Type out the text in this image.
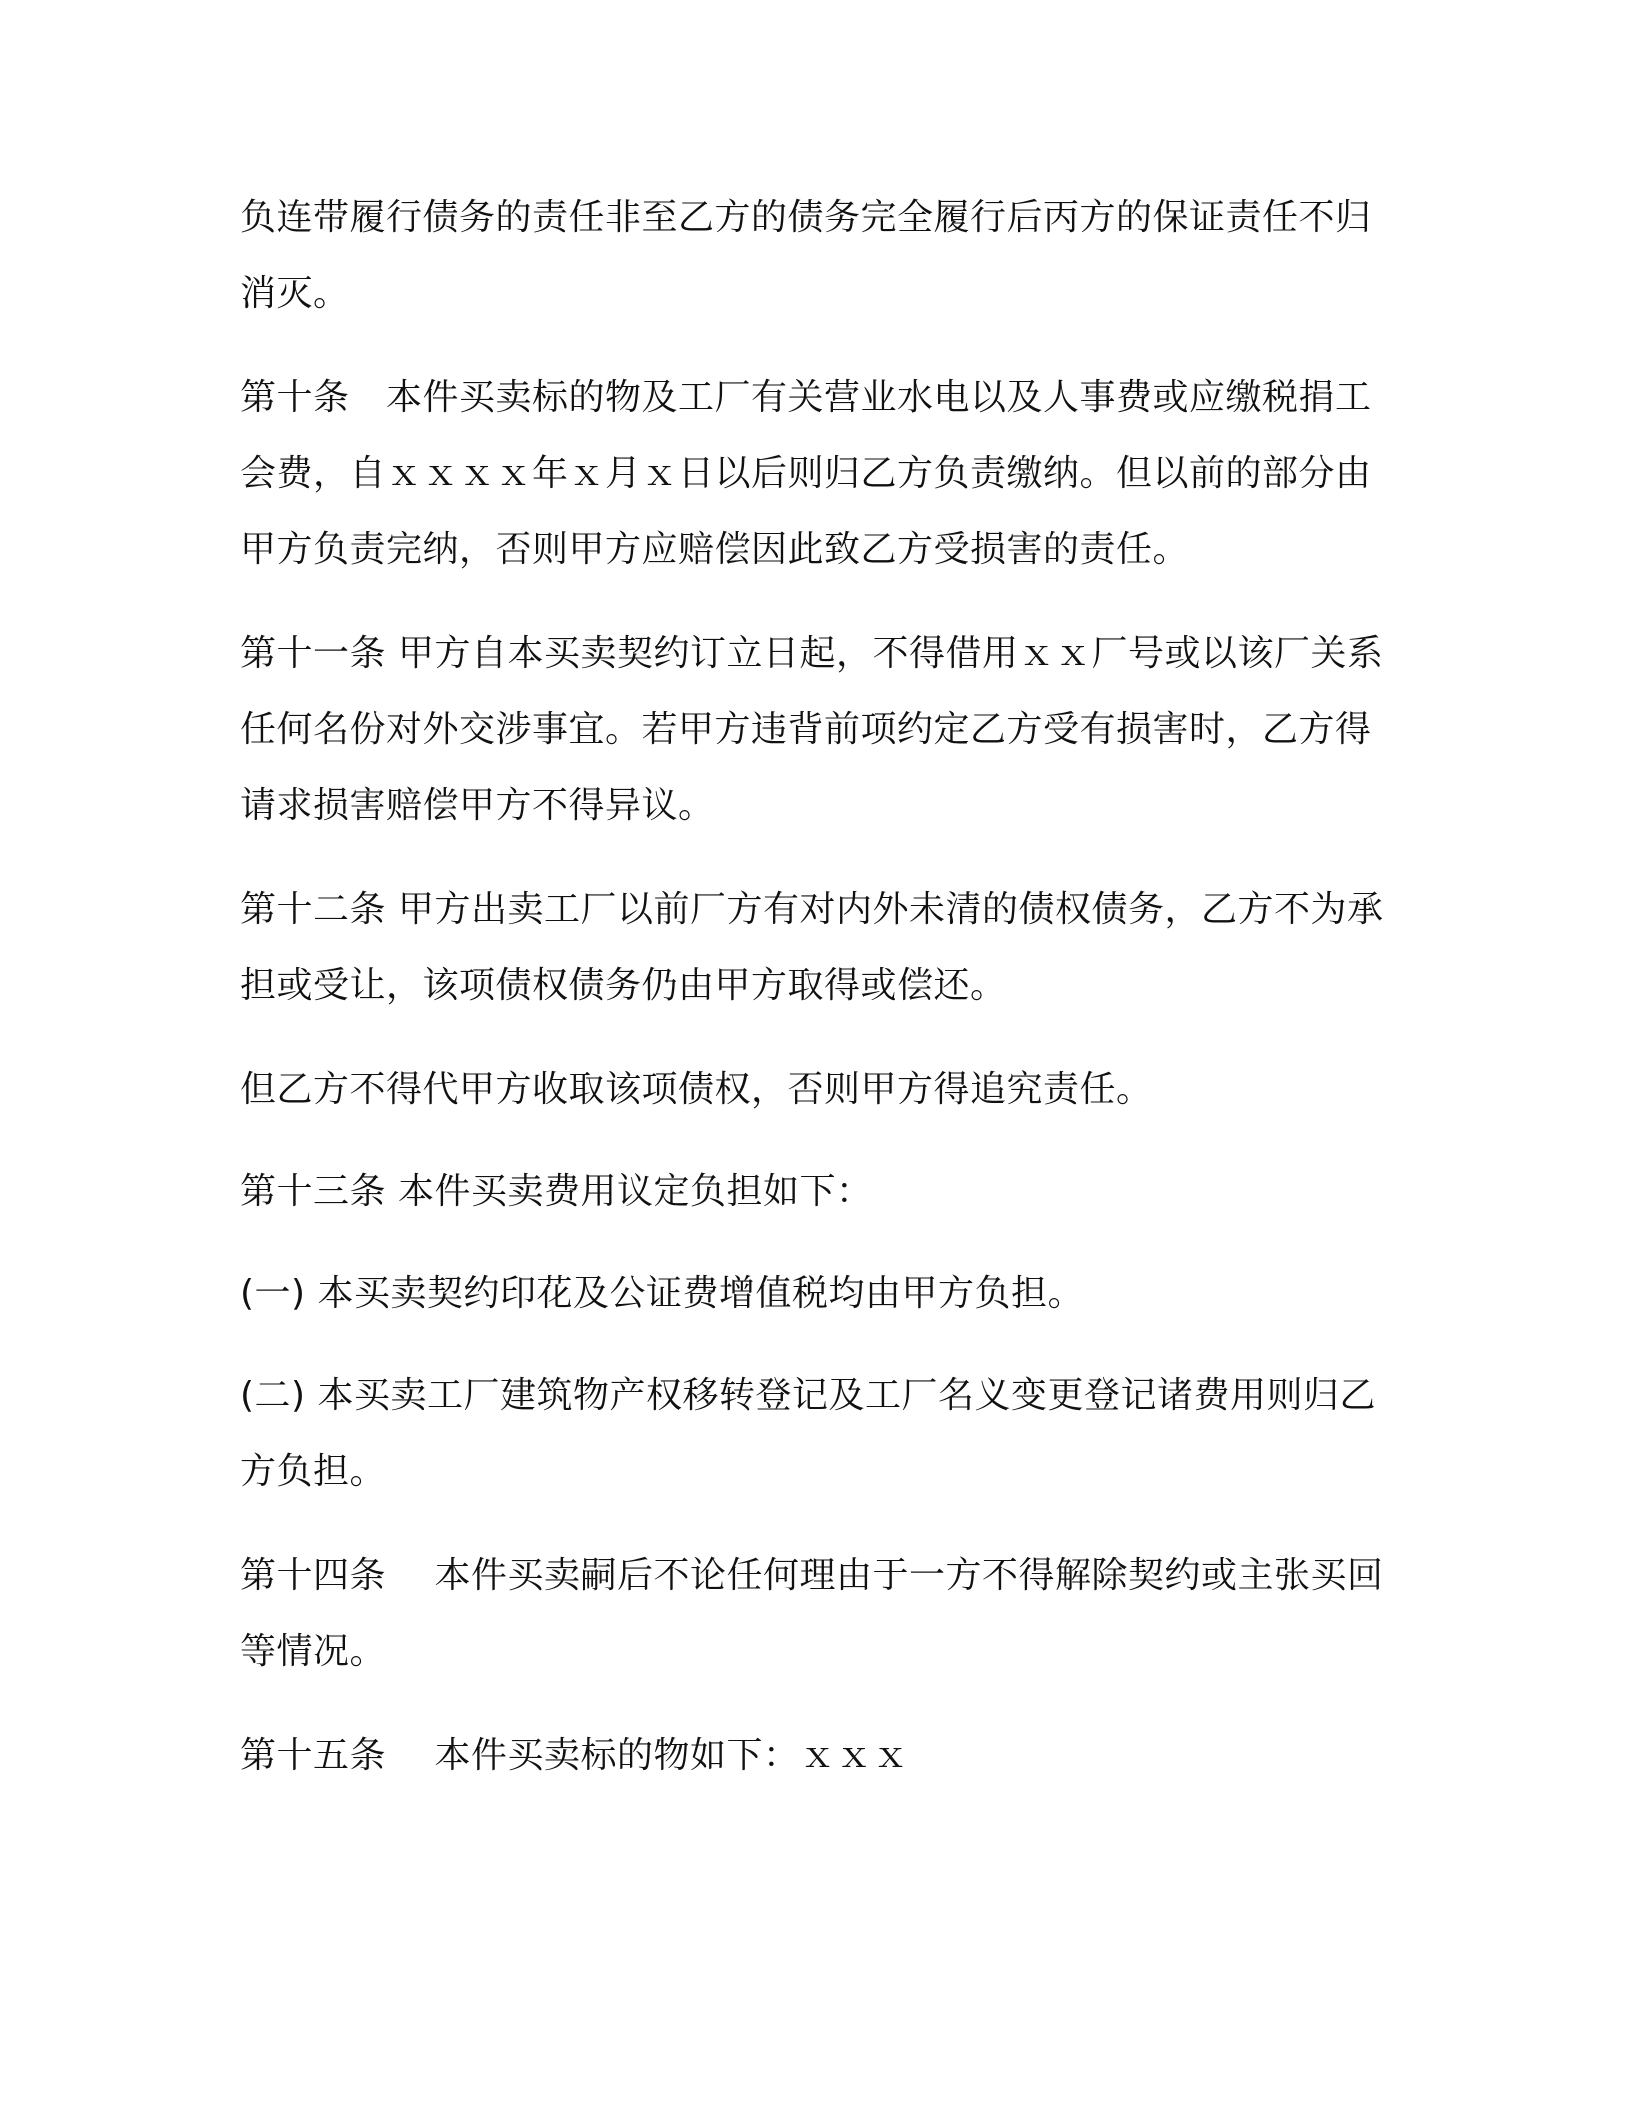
负连带履行债务的责任非至乙方的债务完全履行后丙方的保证责任不归消灭。

第十条　本件买卖标的物及工厂有关营业水电以及人事费或应缴税捐工会费，自ｘｘｘｘ年ｘ月ｘ日以后则归乙方负责缴纳。但以前的部分由甲方负责完纳，否则甲方应赔偿因此致乙方受损害的责任。

第十一条 甲方自本买卖契约订立日起，不得借用ｘｘ厂号或以该厂关系任何名份对外交涉事宜。若甲方违背前项约定乙方受有损害时，乙方得请求损害赔偿甲方不得异议。

第十二条 甲方出卖工厂以前厂方有对内外未清的债权债务，乙方不为承担或受让，该项债权债务仍由甲方取得或偿还。

但乙方不得代甲方收取该项债权，否则甲方得追究责任。

第十三条 本件买卖费用议定负担如下：

(一) 本买卖契约印花及公证费增值税均由甲方负担。

(二) 本买卖工厂建筑物产权移转登记及工厂名义变更登记诸费用则归乙方负担。

第十四条　 本件买卖嗣后不论任何理由于一方不得解除契约或主张买回等情况。

第十五条　 本件买卖标的物如下：ｘｘｘ
